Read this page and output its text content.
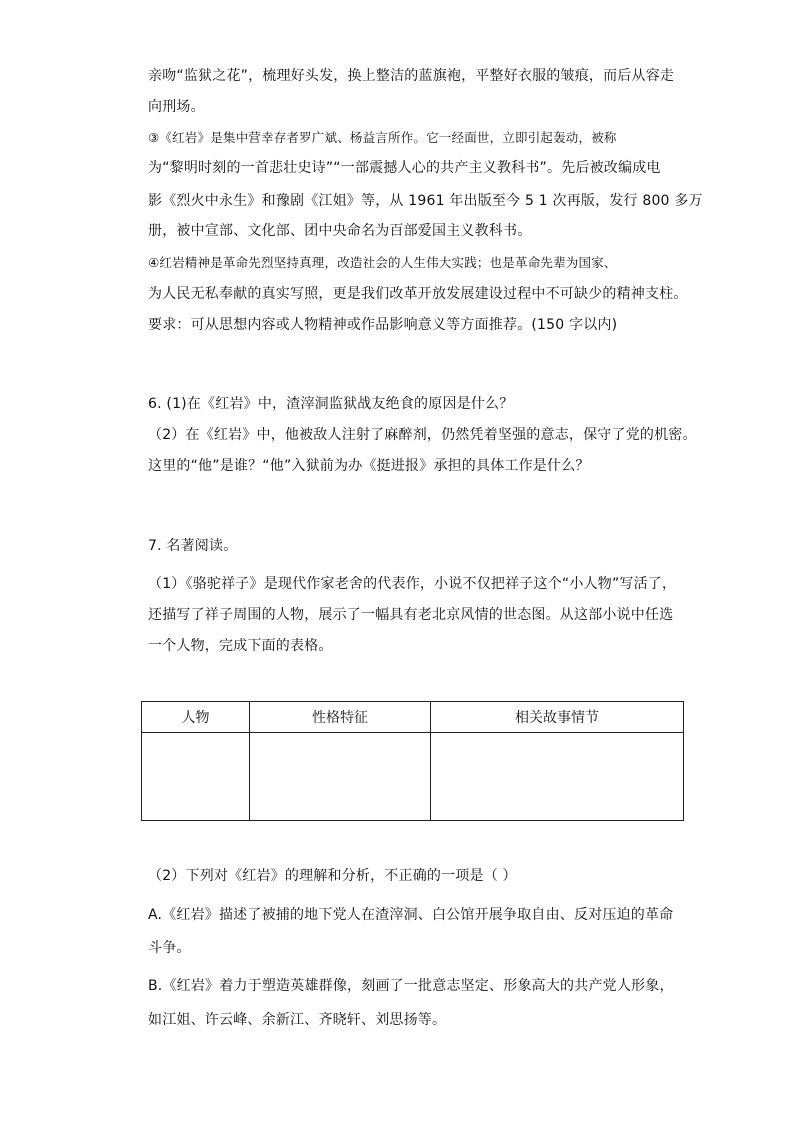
亲吻“监狱之花”，梳理好头发，换上整洁的蓝旗袍，平整好衣服的皱痕，而后从容走
向刑场。
③《红岩》是集中营幸存者罗广斌、杨益言所作。它一经面世，立即引起轰动，被称
为“黎明时刻的一首悲壮史诗”“一部震撼人心的共产主义教科书”。先后被改编成电
影《烈火中永生》和豫剧《江姐》等，从 1961 年出版至今 5 1 次再版，发行 800 多万
册，被中宣部、文化部、团中央命名为百部爱国主义教科书。
④红岩精神是革命先烈坚持真理，改造社会的人生伟大实践；也是革命先辈为国家、
为人民无私奉献的真实写照，更是我们改革开放发展建设过程中不可缺少的精神支柱。
要求：可从思想内容或人物精神或作品影响意义等方面推荐。(150 字以内)
6. (1)在《红岩》中，渣滓洞监狱战友绝食的原因是什么？
（2）在《红岩》中，他被敌人注射了麻醉剂，仍然凭着坚强的意志，保守了党的机密。
这里的“他”是谁？“他”入狱前为办《挺进报》承担的具体工作是什么？
7. 名著阅读。
（1）《骆驼祥子》是现代作家老舍的代表作，小说不仅把祥子这个“小人物”写活了，
还描写了祥子周围的人物，展示了一幅具有老北京风情的世态图。从这部小说中任选
一个人物，完成下面的表格。
人物	性格特征	相关故事情节

（2）下列对《红岩》的理解和分析，不正确的一项是（ ）
A.《红岩》描述了被捕的地下党人在渣滓洞、白公馆开展争取自由、反对压迫的革命
斗争。
B.《红岩》着力于塑造英雄群像，刻画了一批意志坚定、形象高大的共产党人形象，
如江姐、许云峰、余新江、齐晓轩、刘思扬等。
